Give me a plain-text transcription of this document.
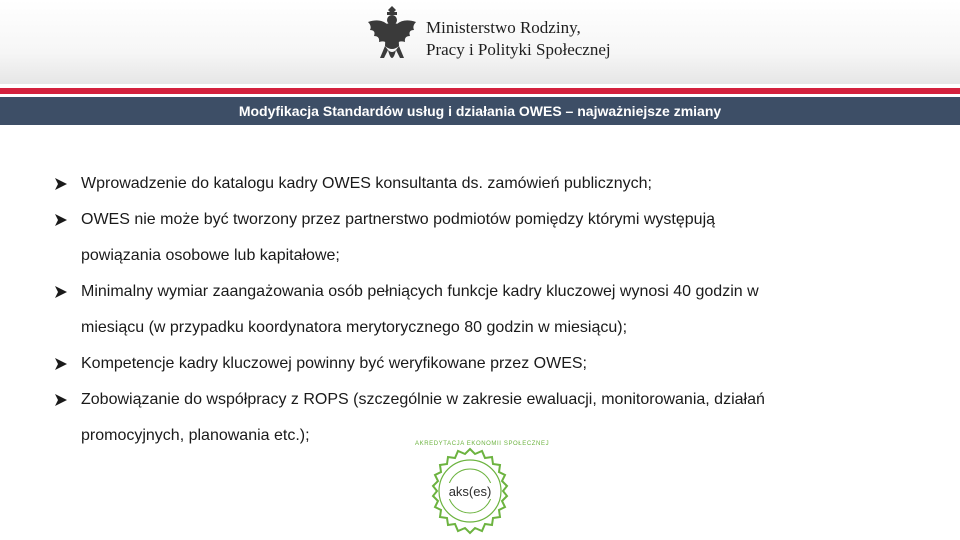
Ministerstwo Rodziny,
Pracy i Polityki Społecznej
Modyfikacja Standardów usług i działania OWES – najważniejsze zmiany
Wprowadzenie do katalogu kadry OWES konsultanta ds. zamówień publicznych;
OWES nie może być tworzony przez partnerstwo podmiotów pomiędzy którymi występują
powiązania osobowe lub kapitałowe;
Minimalny wymiar zaangażowania osób pełniących funkcje kadry kluczowej wynosi 40 godzin w
miesiącu (w przypadku koordynatora merytorycznego 80 godzin w miesiącu);
Kompetencje kadry kluczowej powinny być weryfikowane przez OWES;
Zobowiązanie do współpracy z ROPS (szczególnie w zakresie ewaluacji, monitorowania, działań
promocyjnych, planowania etc.);	AKREDYTACJA EKONOMII SPOŁECZNEJ
aks(es)
